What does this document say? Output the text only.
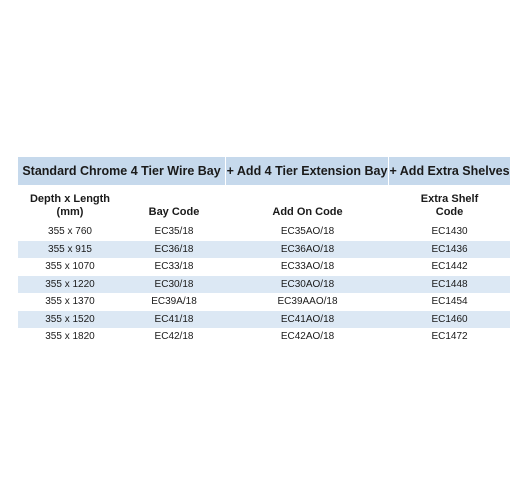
Standard Chrome 4 Tier Wire Bay		+ Add 4 Tier Extension Bay	+ Add Extra Shelves
Depth x Length (mm)	Bay Code	Add On Code	Extra Shelf Code
355 x 760	EC35/18	EC35AO/18	EC1430
355 x 915	EC36/18	EC36AO/18	EC1436
355 x 1070	EC33/18	EC33AO/18	EC1442
355 x 1220	EC30/18	EC30AO/18	EC1448
355 x 1370	EC39A/18	EC39AAO/18	EC1454
355 x 1520	EC41/18	EC41AO/18	EC1460
355 x 1820	EC42/18	EC42AO/18	EC1472
